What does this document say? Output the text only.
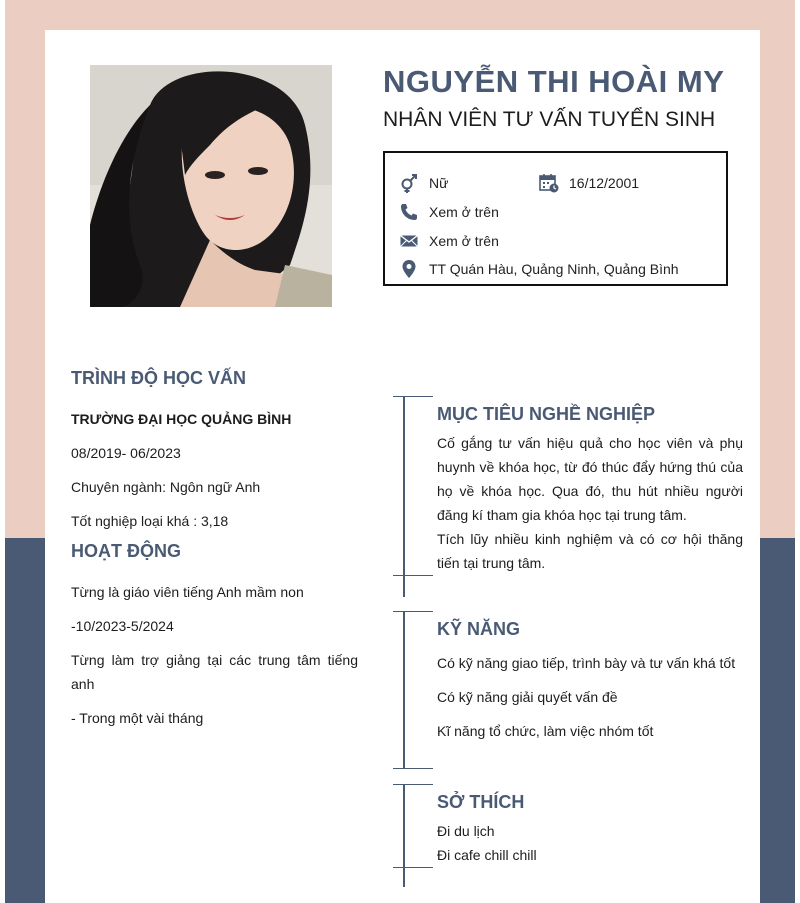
NGUYỄN THI HOÀI MY
NHÂN VIÊN TƯ VẤN TUYỂN SINH
Nữ	16/12/2001
Xem ở trên
Xem ở trên
TT Quán Hàu, Quảng Ninh, Quảng Bình
TRÌNH ĐỘ HỌC VẤN
TRƯỜNG ĐẠI HỌC QUẢNG BÌNH
08/2019- 06/2023
Chuyên ngành: Ngôn ngữ Anh
Tốt nghiệp loại khá : 3,18
HOẠT ĐỘNG
Từng là giáo viên tiếng Anh mầm non
-10/2023-5/2024
Từng làm trợ giảng tại các trung tâm tiếng anh
- Trong một vài tháng
MỤC TIÊU NGHỀ NGHIỆP

Cố gắng tư vấn hiệu quả cho học viên và phụ huynh về khóa học, từ đó thúc đẩy hứng thú của họ về khóa học. Qua đó, thu hút nhiều người đăng kí tham gia khóa học tại trung tâm.

Tích lũy nhiều kinh nghiệm và có cơ hội thăng tiến tại trung tâm.

KỸ NĂNG
Có kỹ năng giao tiếp, trình bày và tư vấn khá tốt
Có kỹ năng giải quyết vấn đề
Kĩ năng tổ chức, làm việc nhóm tốt
SỞ THÍCH
Đi du lịch
Đi cafe chill chill
